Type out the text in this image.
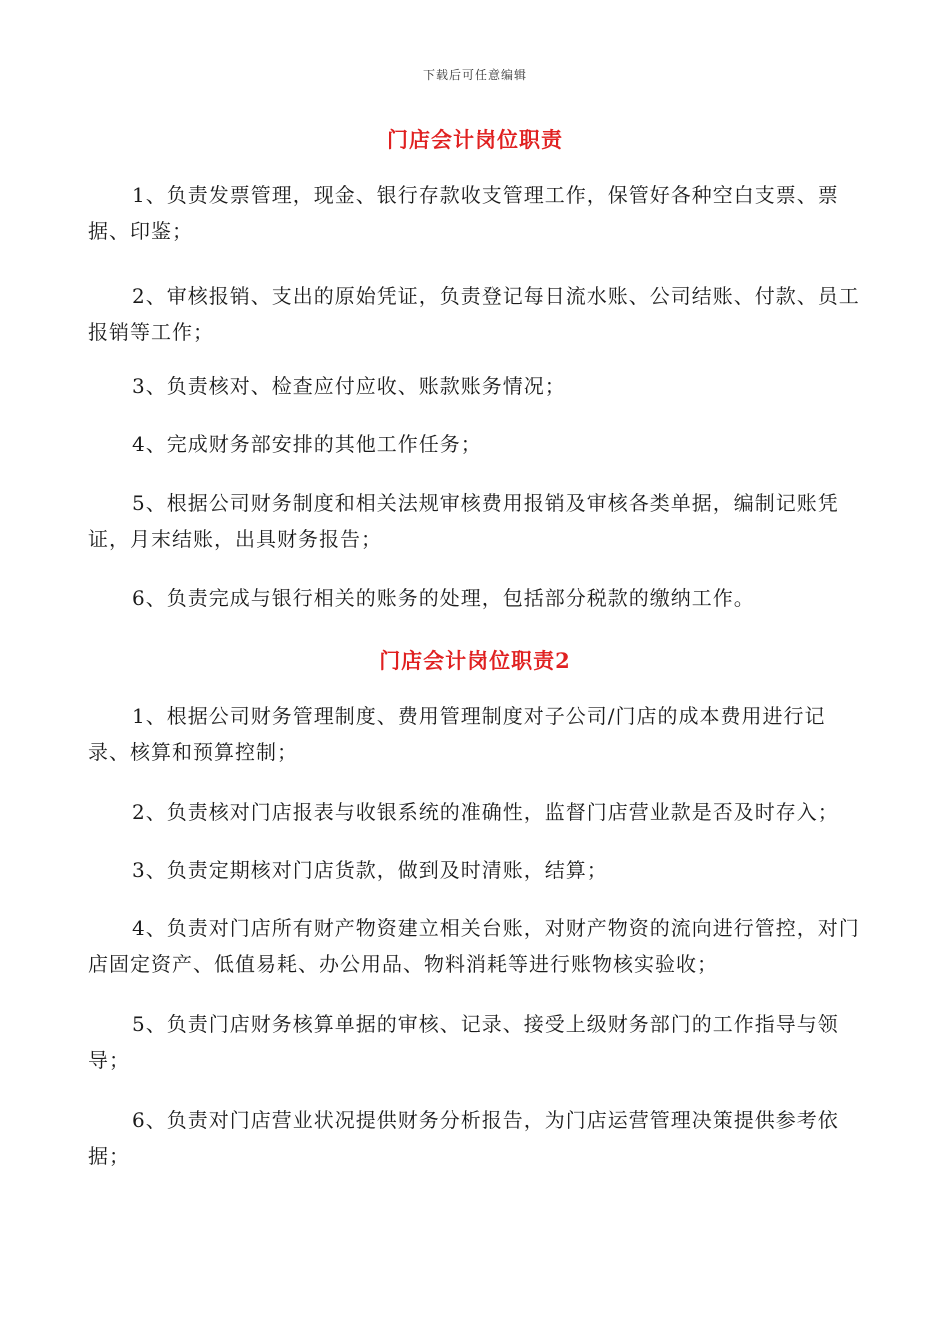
下载后可任意编辑
门店会计岗位职责

1、负责发票管理，现金、银行存款收支管理工作，保管好各种空白支票、票据、印鉴；

2、审核报销、支出的原始凭证，负责登记每日流水账、公司结账、付款、员工报销等工作；

3、负责核对、检查应付应收、账款账务情况；

4、完成财务部安排的其他工作任务；

5、根据公司财务制度和相关法规审核费用报销及审核各类单据，编制记账凭证，月末结账，出具财务报告；

6、负责完成与银行相关的账务的处理，包括部分税款的缴纳工作。

门店会计岗位职责2

1、根据公司财务管理制度、费用管理制度对子公司/门店的成本费用进行记录、核算和预算控制；

2、负责核对门店报表与收银系统的准确性，监督门店营业款是否及时存入；

3、负责定期核对门店货款，做到及时清账，结算；

4、负责对门店所有财产物资建立相关台账，对财产物资的流向进行管控，对门店固定资产、低值易耗、办公用品、物料消耗等进行账物核实验收；

5、负责门店财务核算单据的审核、记录、接受上级财务部门的工作指导与领导；

6、负责对门店营业状况提供财务分析报告，为门店运营管理决策提供参考依据；
